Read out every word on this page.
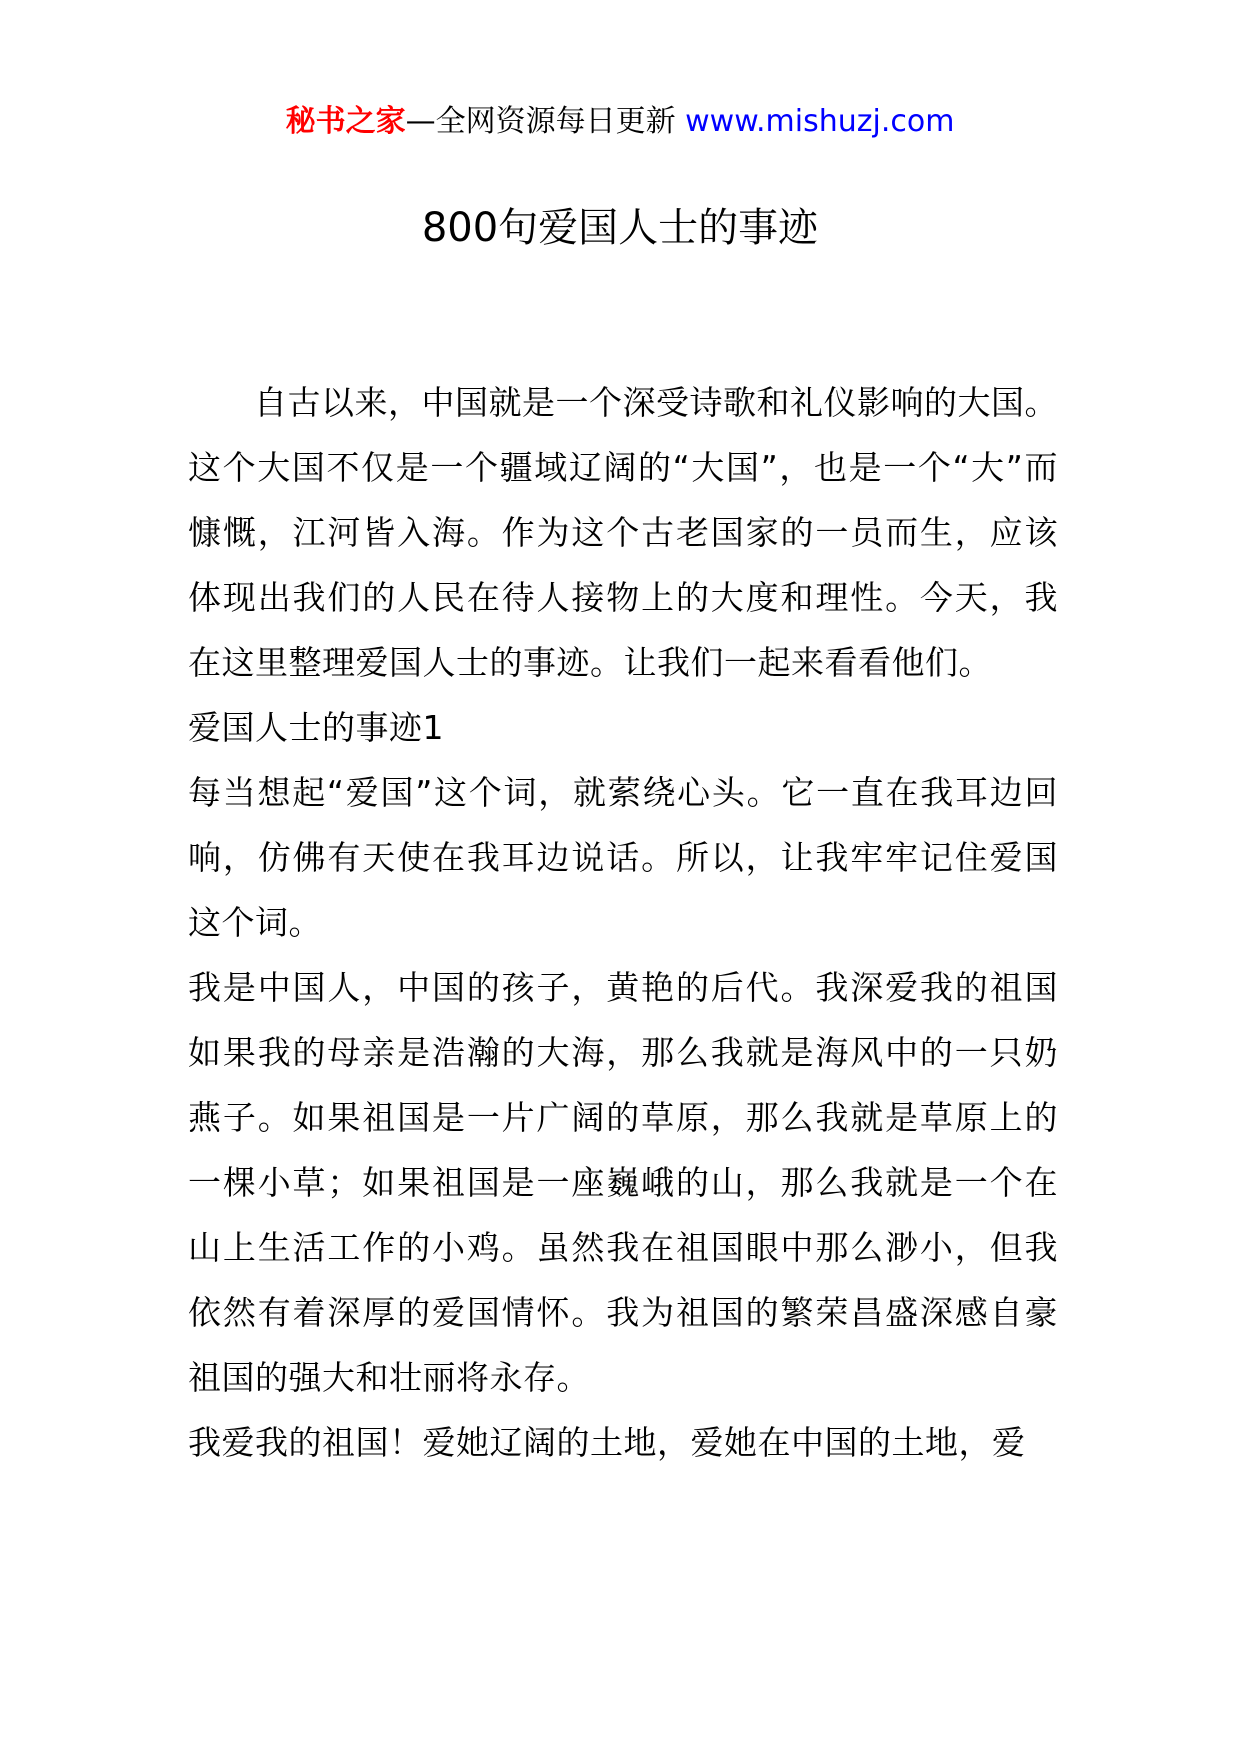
秘书之家—全网资源每日更新 www.mishuzj.com
800句爱国人士的事迹

自古以来，中国就是一个深受诗歌和礼仪影响的大国。这个大国不仅是一个疆域辽阔的“大国”，也是一个“大”而慷慨，江河皆入海。作为这个古老国家的一员而生，应该体现出我们的人民在待人接物上的大度和理性。今天，我在这里整理爱国人士的事迹。让我们一起来看看他们。

爱国人士的事迹1

每当想起“爱国”这个词，就萦绕心头。它一直在我耳边回响，仿佛有天使在我耳边说话。所以，让我牢牢记住爱国这个词。

我是中国人，中国的孩子，黄艳的后代。我深爱我的祖国如果我的母亲是浩瀚的大海，那么我就是海风中的一只奶燕子。如果祖国是一片广阔的草原，那么我就是草原上的一棵小草；如果祖国是一座巍峨的山，那么我就是一个在山上生活工作的小鸡。虽然我在祖国眼中那么渺小，但我依然有着深厚的爱国情怀。我为祖国的繁荣昌盛深感自豪祖国的强大和壮丽将永存。

我爱我的祖国！爱她辽阔的土地，爱她在中国的土地，爱
